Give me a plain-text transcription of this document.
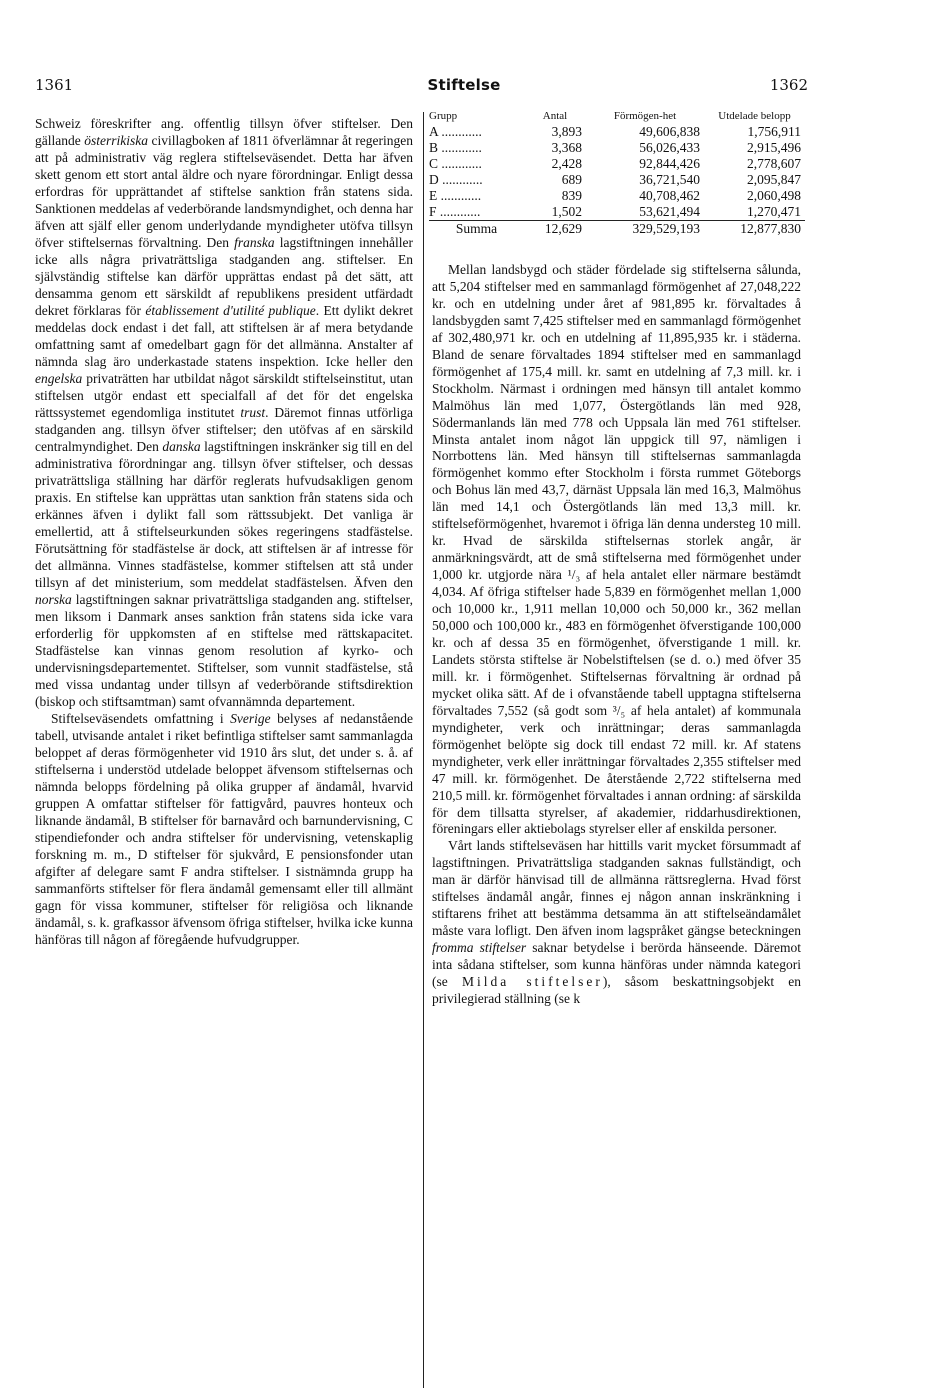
1361	Stiftelse	1362

Schweiz föreskrifter ang. offentlig tillsyn öfver stiftelser. Den gällande österrikiska civillagboken af 1811 öfverlämnar åt regeringen att på administrativ väg reglera stiftelseväsendet. Detta har äfven skett genom ett stort antal äldre och nyare förordningar. Enligt dessa erfordras för upprättandet af stiftelse sanktion från statens sida. Sanktionen meddelas af vederbörande landsmyndighet, och denna har äfven att själf eller genom underlydande myndigheter utöfva tillsyn öfver stiftelsernas förvaltning. Den franska lagstiftningen innehåller icke alls några privaträttsliga stadganden ang. stiftelser. En självständig stiftelse kan därför upprättas endast på det sätt, att densamma genom ett särskildt af republikens president utfärdadt dekret förklaras för établissement d'utilité publique. Ett dylikt dekret meddelas dock endast i det fall, att stiftelsen är af mera betydande omfattning samt af omedelbart gagn för det allmänna. Anstalter af nämnda slag äro underkastade statens inspektion. Icke heller den engelska privaträtten har utbildat något särskildt stiftelseinstitut, utan stiftelsen utgör endast ett specialfall af det för det engelska rättssystemet egendomliga institutet trust. Däremot finnas utförliga stadganden ang. tillsyn öfver stiftelser; den utöfvas af en särskild centralmyndighet. Den danska lagstiftningen inskränker sig till en del administrativa förordningar ang. tillsyn öfver stiftelser, och dessas privaträttsliga ställning har därför reglerats hufvudsakligen genom praxis. En stiftelse kan upprättas utan sanktion från statens sida och erkännes äfven i dylikt fall som rättssubjekt. Det vanliga är emellertid, att å stiftelseurkunden sökes regeringens stadfästelse. Förutsättning för stadfästelse är dock, att stiftelsen är af intresse för det allmänna. Vinnes stadfästelse, kommer stiftelsen att stå under tillsyn af det ministerium, som meddelat stadfästelsen. Äfven den norska lagstiftningen saknar privaträttsliga stadganden ang. stiftelser, men liksom i Danmark anses sanktion från statens sida icke vara erforderlig för uppkomsten af en stiftelse med rättskapacitet. Stadfästelse kan vinnas genom resolution af kyrko- och undervisningsdepartementet. Stiftelser, som vunnit stadfästelse, stå med vissa undantag under tillsyn af vederbörande stiftsdirektion (biskop och stiftsamtman) samt ofvannämnda departement.

Stiftelseväsendets omfattning i Sverige belyses af nedanstående tabell, utvisande antalet i riket befintliga stiftelser samt sammanlagda beloppet af deras förmögenheter vid 1910 års slut, det under s. å. af stiftelserna i understöd utdelade beloppet äfvensom stiftelsernas och nämnda belopps fördelning på olika grupper af ändamål, hvarvid gruppen A omfattar stiftelser för fattigvård, pauvres honteux och liknande ändamål, B stiftelser för barnavård och barnundervisning, C stipendiefonder och andra stiftelser för undervisning, vetenskaplig forskning m. m., D stiftelser för sjukvård, E pensionsfonder utan afgifter af delegare samt F andra stiftelser. I sistnämnda grupp ha sammanförts stiftelser för flera ändamål gemensamt eller till allmänt gagn för vissa kommuner, stiftelser för religiösa och liknande ändamål, s. k. grafkassor äfvensom öfriga stiftelser, hvilka icke kunna hänföras till någon af föregående hufvudgrupper.

Grupp	Antal	Förmögen-het	Utdelade belopp
A ............	3,893	49,606,838	1,756,911
B ............	3,368	56,026,433	2,915,496
C ............	2,428	92,844,426	2,778,607
D ............	689	36,721,540	2,095,847
E ............	839	40,708,462	2,060,498
F ............	1,502	53,621,494	1,270,471
Summa	12,629	329,529,193	12,877,830

Mellan landsbygd och städer fördelade sig stiftelserna sålunda, att 5,204 stiftelser med en sammanlagd förmögenhet af 27,048,222 kr. och en utdelning under året af 981,895 kr. förvaltades å landsbygden samt 7,425 stiftelser med en sammanlagd förmögenhet af 302,480,971 kr. och en utdelning af 11,895,935 kr. i städerna. Bland de senare förvaltades 1894 stiftelser med en sammanlagd förmögenhet af 175,4 mill. kr. samt en utdelning af 7,3 mill. kr. i Stockholm. Närmast i ordningen med hänsyn till antalet kommo Malmöhus län med 1,077, Östergötlands län med 928, Södermanlands län med 778 och Uppsala län med 761 stiftelser. Minsta antalet inom något län uppgick till 97, nämligen i Norrbottens län. Med hänsyn till stiftelsernas sammanlagda förmögenhet kommo efter Stockholm i första rummet Göteborgs och Bohus län med 43,7, därnäst Uppsala län med 16,3, Malmöhus län med 14,1 och Östergötlands län med 13,3 mill. kr. stiftelseförmögenhet, hvaremot i öfriga län denna understeg 10 mill. kr. Hvad de särskilda stiftelsernas storlek angår, är anmärkningsvärdt, att de små stiftelserna med förmögenhet under 1,000 kr. utgjorde nära ¹/₃ af hela antalet eller närmare bestämdt 4,034. Af öfriga stiftelser hade 5,839 en förmögenhet mellan 1,000 och 10,000 kr., 1,911 mellan 10,000 och 50,000 kr., 362 mellan 50,000 och 100,000 kr., 483 en förmögenhet öfverstigande 100,000 kr. och af dessa 35 en förmögenhet, öfverstigande 1 mill. kr. Landets största stiftelse är Nobelstiftelsen (se d. o.) med öfver 35 mill. kr. i förmögenhet. Stiftelsernas förvaltning är ordnad på mycket olika sätt. Af de i ofvanstående tabell upptagna stiftelserna förvaltades 7,552 (så godt som ³/₅ af hela antalet) af kommunala myndigheter, verk och inrättningar; deras sammanlagda förmögenhet belöpte sig dock till endast 72 mill. kr. Af statens myndigheter, verk eller inrättningar förvaltades 2,355 stiftelser med 47 mill. kr. förmögenhet. De återstående 2,722 stiftelserna med 210,5 mill. kr. förmögenhet förvaltades i annan ordning: af särskilda för dem tillsatta styrelser, af akademier, riddarhusdirektionen, föreningars eller aktiebolags styrelser eller af enskilda personer.

Vårt lands stiftelseväsen har hittills varit mycket försummadt af lagstiftningen. Privaträttsliga stadganden saknas fullständigt, och man är därför hänvisad till de allmänna rättsreglerna. Hvad först stiftelses ändamål angår, finnes ej någon annan inskränkning i stiftarens frihet att bestämma detsamma än att stiftelseändamålet måste vara lofligt. Den äfven inom lagspråket gängse beteckningen fromma stiftelser saknar betydelse i berörda hänseende. Däremot inta sådana stiftelser, som kunna hänföras under nämnda kategori (se Milda stiftelser), såsom beskattningsobjekt en privilegierad ställning (se k
